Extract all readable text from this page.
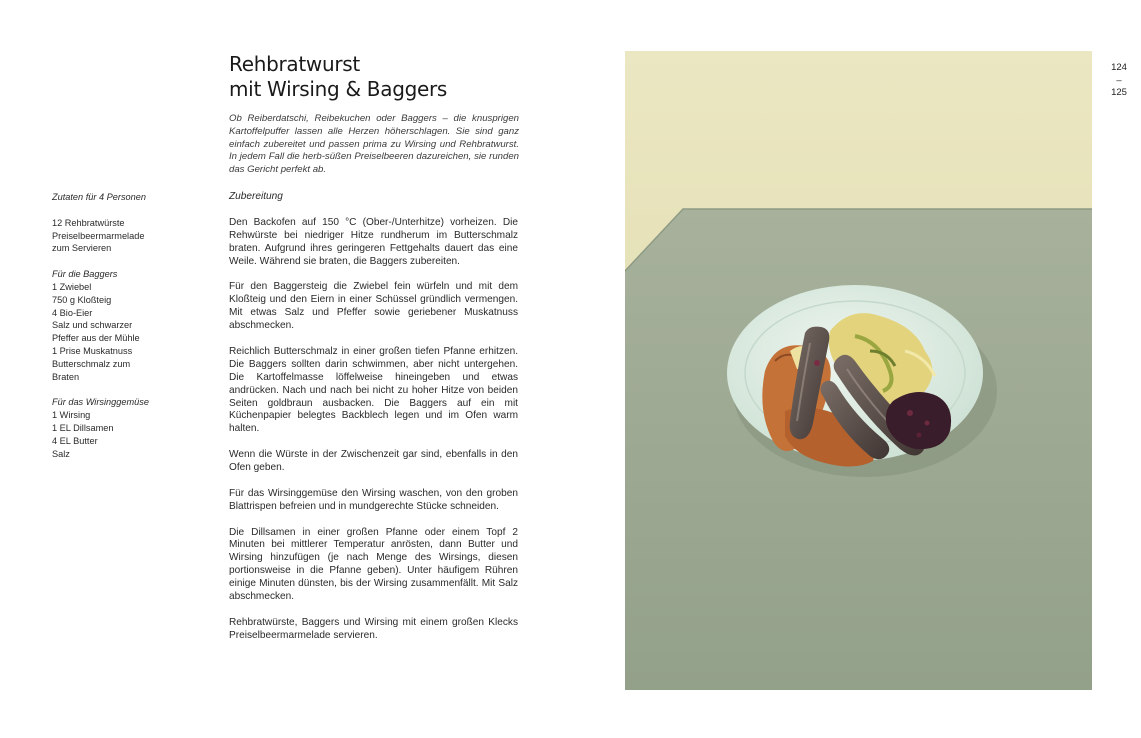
Rehbratwurst
mit Wirsing & Baggers

Ob Reiberdatschi, Reibekuchen oder Baggers – die knusprigen Kartoffelpuffer lassen alle Herzen höherschlagen. Sie sind ganz einfach zubereitet und passen prima zu Wirsing und Rehbratwurst. In jedem Fall die herb-süßen Preiselbeeren dazureichen, sie runden das Gericht perfekt ab.

Zutaten für 4 Personen
12 Rehbratwürste
Preiselbeermarmelade
zum Servieren
Für die Baggers
1 Zwiebel
750 g Kloßteig
4 Bio-Eier
Salz und schwarzer
Pfeffer aus der Mühle
1 Prise Muskatnuss
Butterschmalz zum
Braten
Für das Wirsinggemüse
1 Wirsing
1 EL Dillsamen
4 EL Butter
Salz
Zubereitung

Den Backofen auf 150 °C (Ober-/Unterhitze) vorheizen. Die Rehwürste bei niedriger Hitze rundherum im Butterschmalz braten. Aufgrund ihres geringeren Fettgehalts dauert das eine Weile. Während sie braten, die Baggers zubereiten.

Für den Baggersteig die Zwiebel fein würfeln und mit dem Kloßteig und den Eiern in einer Schüssel gründlich vermengen. Mit etwas Salz und Pfeffer sowie geriebener Muskatnuss abschmecken.

Reichlich Butterschmalz in einer großen tiefen Pfanne erhitzen. Die Baggers sollten darin schwimmen, aber nicht untergehen. Die Kartoffelmasse löffelweise hineingeben und etwas andrücken. Nach und nach bei nicht zu hoher Hitze von beiden Seiten goldbraun ausbacken. Die Baggers auf ein mit Küchenpapier belegtes Backblech legen und im Ofen warm halten.

Wenn die Würste in der Zwischenzeit gar sind, ebenfalls in den Ofen geben.

Für das Wirsinggemüse den Wirsing waschen, von den groben Blattrispen befreien und in mundgerechte Stücke schneiden.

Die Dillsamen in einer großen Pfanne oder einem Topf 2 Minuten bei mittlerer Temperatur anrösten, dann Butter und Wirsing hinzufügen (je nach Menge des Wirsings, diesen portionsweise in die Pfanne geben). Unter häufigem Rühren einige Minuten dünsten, bis der Wirsing zusammenfällt. Mit Salz abschmecken.

Rehbratwürste, Baggers und Wirsing mit einem großen Klecks Preiselbeermarmelade servieren.

124
–
125
